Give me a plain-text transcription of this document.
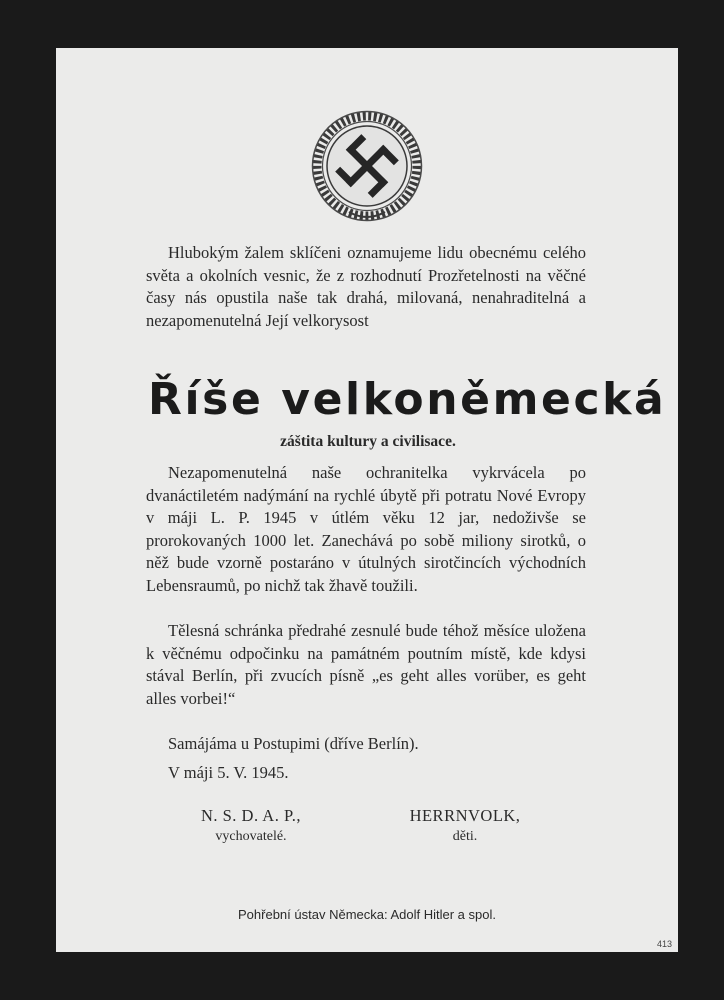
Hlubokým žalem sklíčeni oznamujeme lidu obecnému celého světa a okolních vesnic, že z rozhodnutí Prozřetelnosti na věčné časy nás opustila naše tak drahá, milovaná, nenahraditelná a nezapomenutelná Její velkorysost

Říše velkoněmecká

záštita kultury a civilisace.

Nezapomenutelná naše ochranitelka vykrvácela po dvanáctiletém nadýmání na rychlé úbytě při potratu Nové Evropy v máji L. P. 1945 v útlém věku 12 jar, nedoživše se prorokovaných 1000 let. Zanechává po sobě miliony sirotků, o něž bude vzorně postaráno v útulných sirotčincích východních Lebensraumů, po nichž tak žhavě toužili.

Tělesná schránka předrahé zesnulé bude téhož měsíce uložena k věčnému odpočinku na památném poutním místě, kde kdysi stával Berlín, při zvucích písně „es geht alles vorüber, es geht alles vorbei!“

Samájáma u Postupimi (dříve Berlín).

V máji 5. V. 1945.

N. S. D. A. P.,
vychovatelé.
HERRNVOLK,
děti.

Pohřební ústav Německa: Adolf Hitler a spol.

413
